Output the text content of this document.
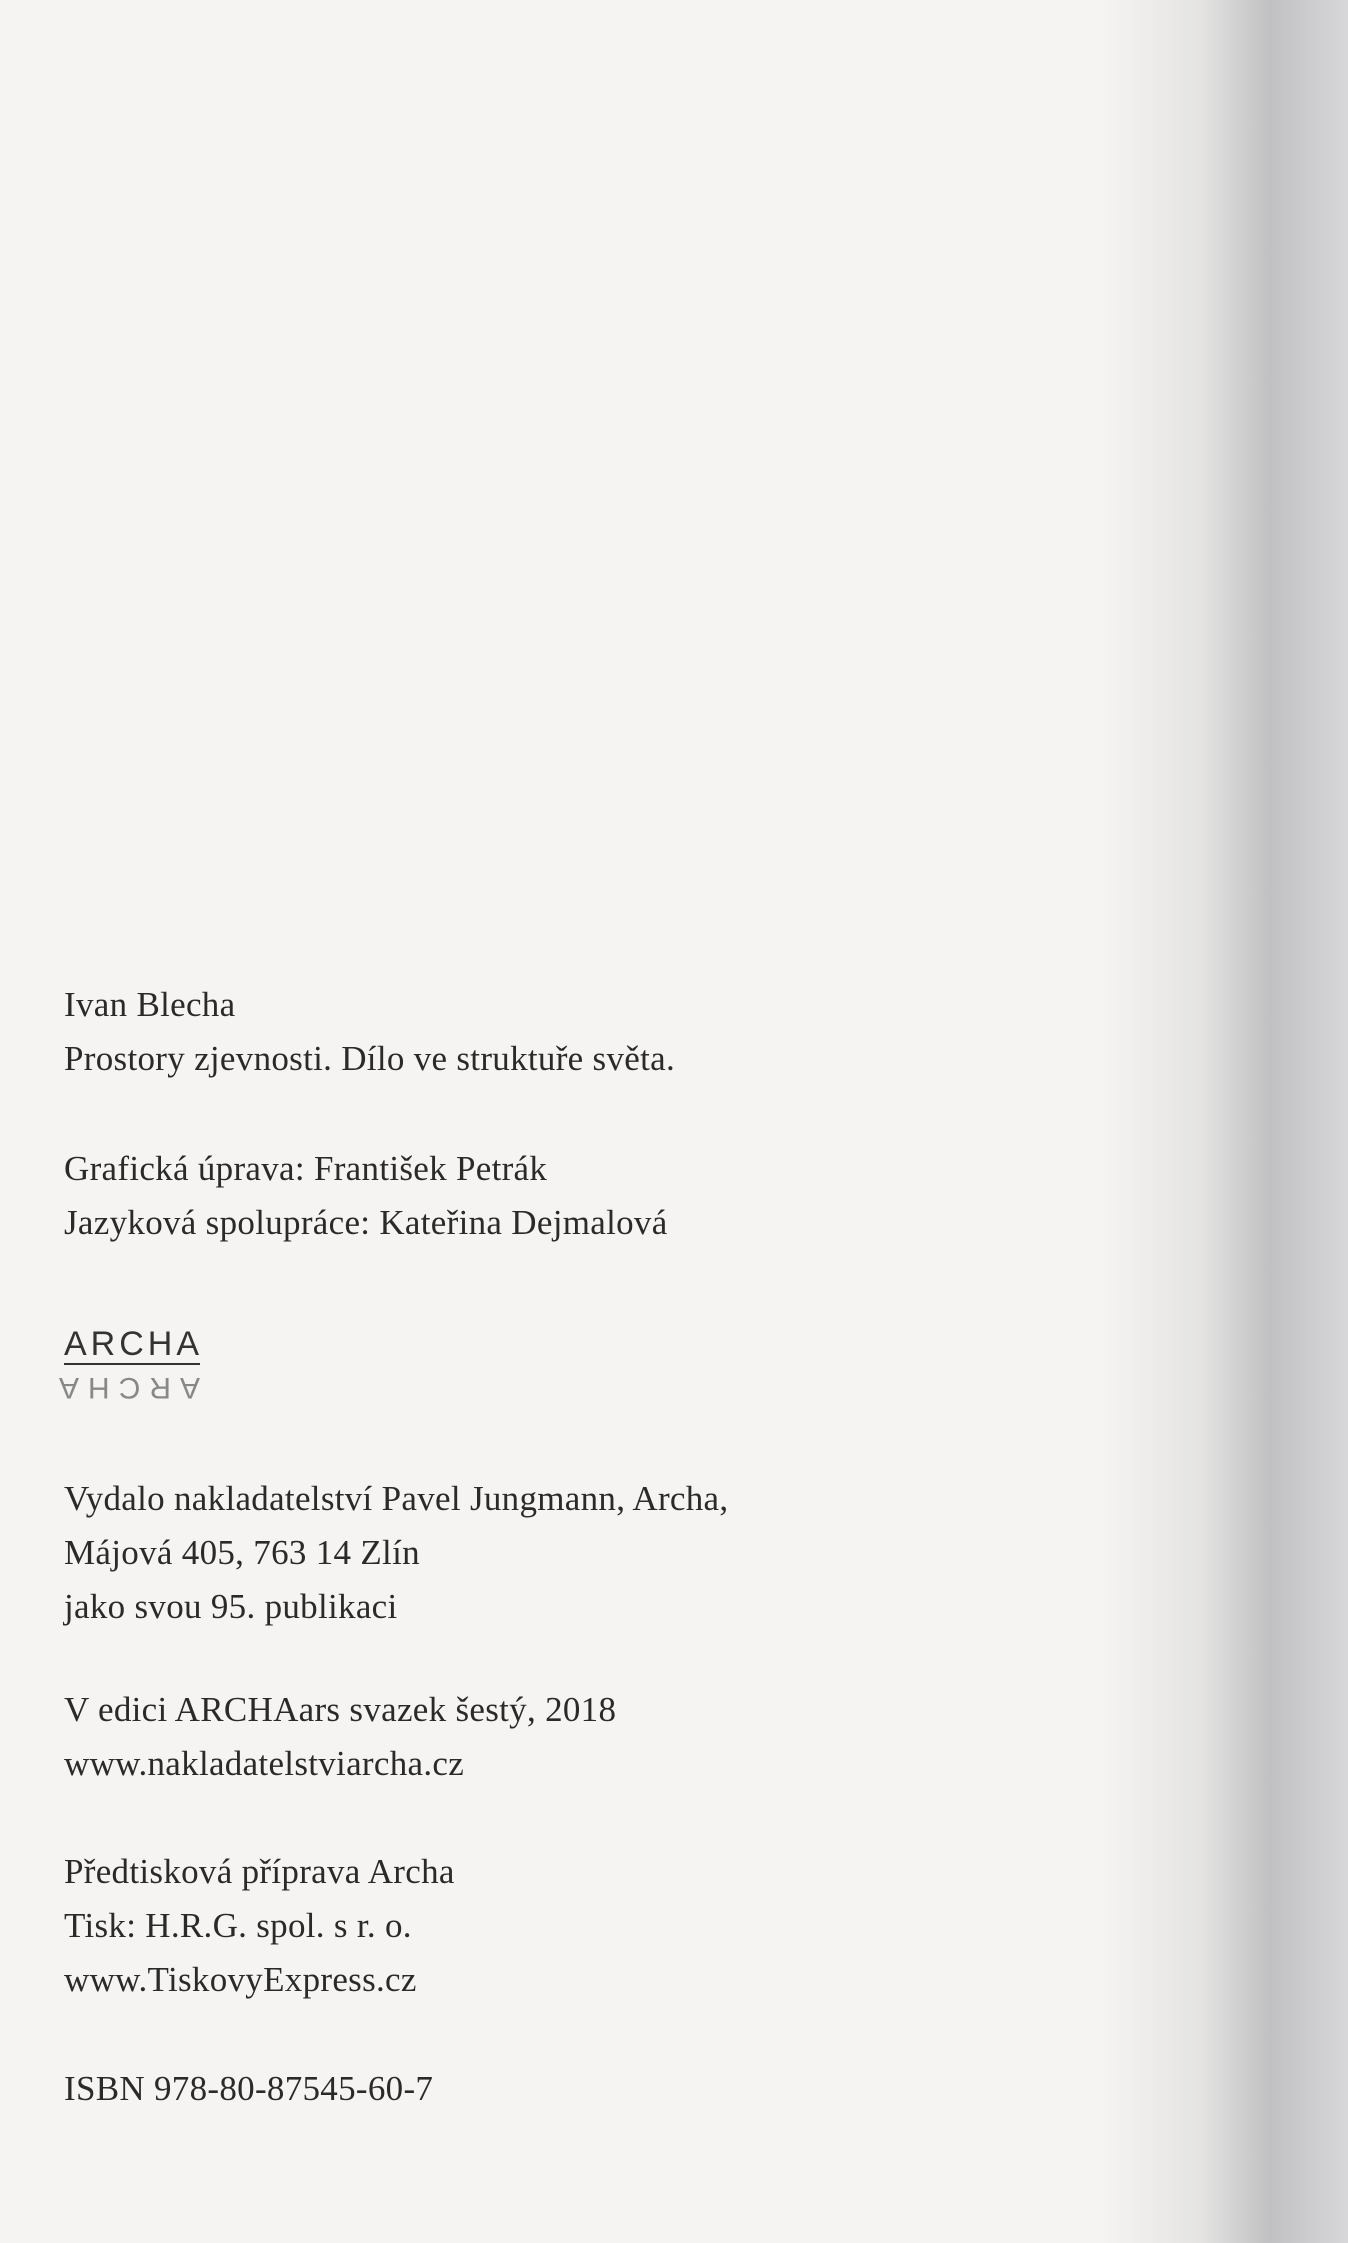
Ivan Blecha
Prostory zjevnosti. Dílo ve struktuře světa.
Grafická úprava: František Petrák
Jazyková spolupráce: Kateřina Dejmalová
ARCHA
ARCHA
Vydalo nakladatelství Pavel Jungmann, Archa,
Májová 405, 763 14 Zlín
jako svou 95. publikaci
V edici ARCHAars svazek šestý, 2018
www.nakladatelstviarcha.cz
Předtisková příprava Archa
Tisk: H.R.G. spol. s r. o.
www.TiskovyExpress.cz
ISBN 978-80-87545-60-7
